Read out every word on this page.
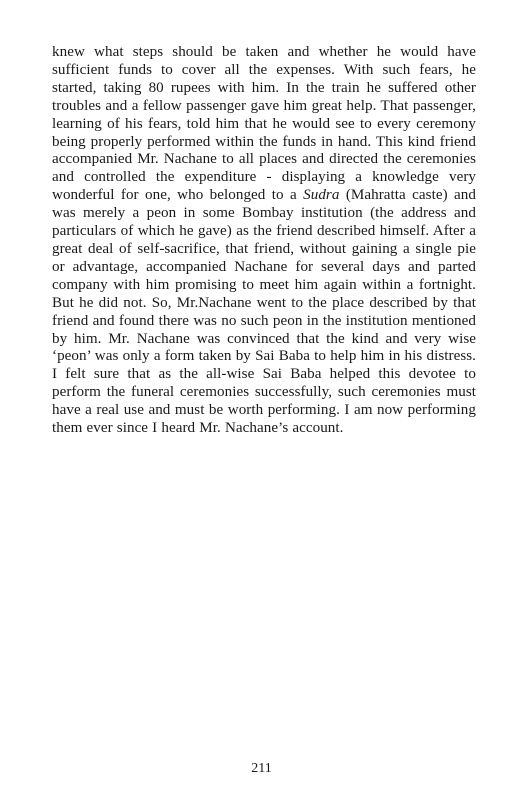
knew what steps should be taken and whether he would have sufficient funds to cover all the expenses. With such fears, he started, taking 80 rupees with him. In the train he suffered other troubles and a fellow passenger gave him great help. That passenger, learning of his fears, told him that he would see to every ceremony being properly performed within the funds in hand. This kind friend accompanied Mr. Nachane to all places and directed the ceremonies and controlled the expenditure - displaying a knowledge very wonderful for one, who belonged to a Sudra (Mahratta caste) and was merely a peon in some Bombay institution (the address and particulars of which he gave) as the friend described himself. After a great deal of self-sacrifice, that friend, without gaining a single pie or advantage, accompanied Nachane for several days and parted company with him promising to meet him again within a fortnight. But he did not. So, Mr.Nachane went to the place described by that friend and found there was no such peon in the institution mentioned by him. Mr. Nachane was convinced that the kind and very wise ‘peon’ was only a form taken by Sai Baba to help him in his distress. I felt sure that as the all-wise Sai Baba helped this devotee to perform the funeral ceremonies successfully, such ceremonies must have a real use and must be worth performing. I am now performing them ever since I heard Mr. Nachane’s account.

211
